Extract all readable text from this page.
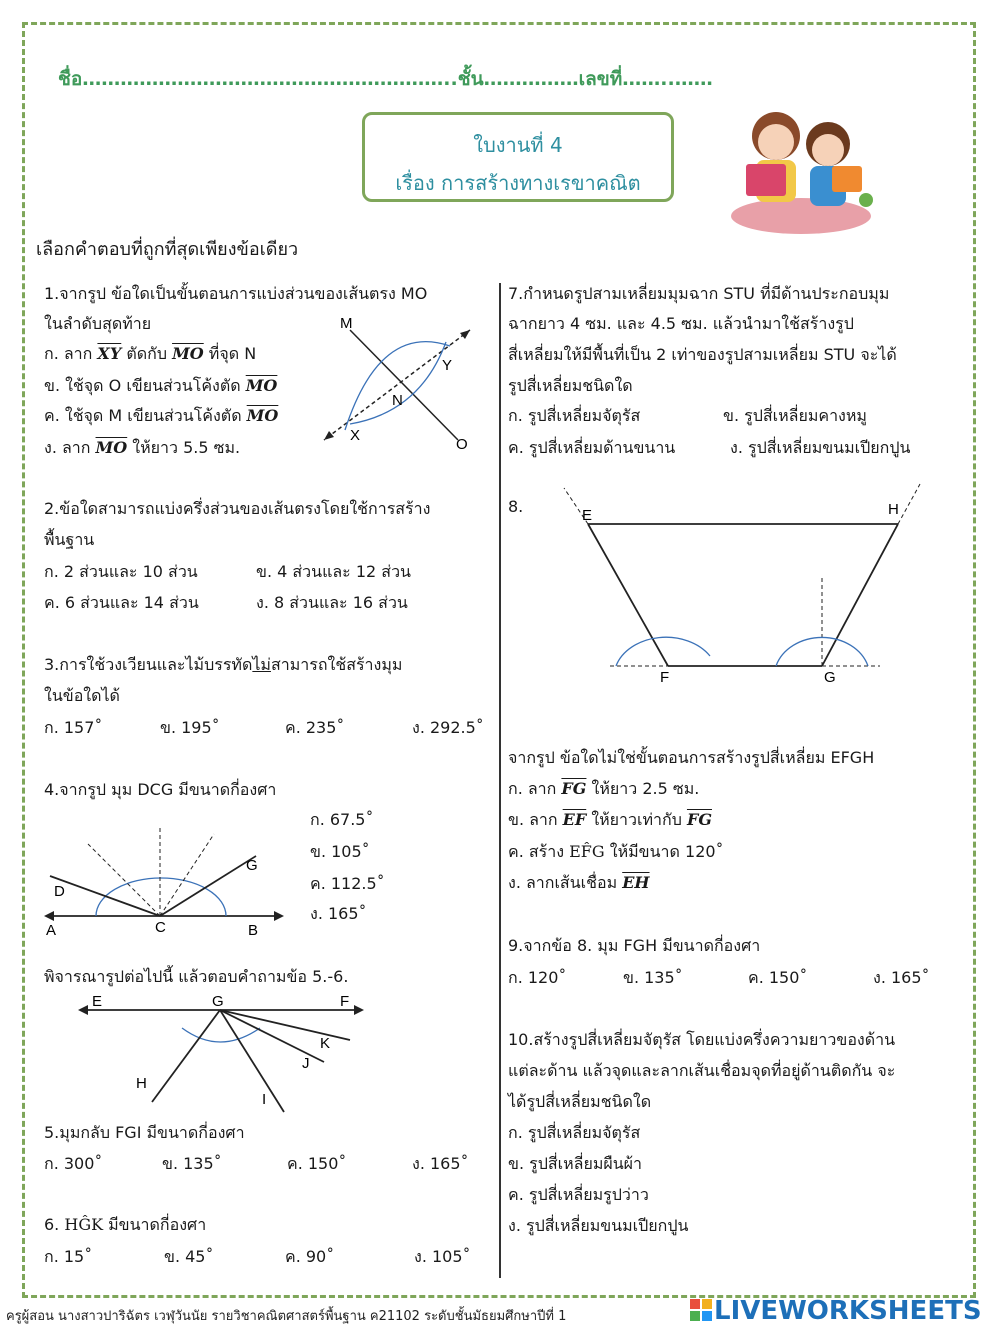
ชื่อ…………………………………………………..ชั้น……………เลขที่……..……
ใบงานที่ 4
เรื่อง การสร้างทางเรขาคณิต
เลือกคำตอบที่ถูกที่สุดเพียงข้อเดียว
1.จากรูป ข้อใดเป็นขั้นตอนการแบ่งส่วนของเส้นตรง MO
ในลำดับสุดท้าย
ก. ลาก $\overline{XY}$ ตัดกับ $\overline{MO}$ ที่จุด N
ข. ใช้จุด O เขียนส่วนโค้งตัด $\overline{MO}$
ค. ใช้จุด M เขียนส่วนโค้งตัด $\overline{MO}$
ง. ลาก $\overline{MO}$ ให้ยาว 5.5 ซม.
M
O
X
Y
N
2.ข้อใดสามารถแบ่งครึ่งส่วนของเส้นตรงโดยใช้การสร้าง
พื้นฐาน
ก. 2 ส่วนและ 10 ส่วน	ข. 4 ส่วนและ 12 ส่วน
ค. 6 ส่วนและ 14 ส่วน	ง. 8 ส่วนและ 16 ส่วน
3.การใช้วงเวียนและไม้บรรทัดไม่สามารถใช้สร้างมุม
ในข้อใดได้
ก. 157˚	ข. 195˚	ค. 235˚	ง. 292.5˚
4.จากรูป มุม DCG มีขนาดกี่องศา
ก. 67.5˚
ข. 105˚
ค. 112.5˚
ง. 165˚
A	B
C
D
G
พิจารณารูปต่อไปนี้ แล้วตอบคำถามข้อ 5.-6.
E	F
G
H
I
J
K
5.มุมกลับ FGI มีขนาดกี่องศา
ก. 300˚	ข. 135˚	ค. 150˚	ง. 165˚
6. HĜK มีขนาดกี่องศา
ก. 15˚	ข. 45˚	ค. 90˚	ง. 105˚
7.กำหนดรูปสามเหลี่ยมมุมฉาก STU ที่มีด้านประกอบมุม
ฉากยาว 4 ซม. และ 4.5 ซม. แล้วนำมาใช้สร้างรูป
สี่เหลี่ยมให้มีพื้นที่เป็น 2 เท่าของรูปสามเหลี่ยม STU จะได้
รูปสี่เหลี่ยมชนิดใด
ก. รูปสี่เหลี่ยมจัตุรัส	ข. รูปสี่เหลี่ยมคางหมู
ค. รูปสี่เหลี่ยมด้านขนาน	ง. รูปสี่เหลี่ยมขนมเปียกปูน
8.	E	H
F	G
จากรูป ข้อใดไม่ใช่ขั้นตอนการสร้างรูปสี่เหลี่ยม EFGH
ก. ลาก $\overline{FG}$ ให้ยาว 2.5 ซม.
ข. ลาก $\overline{EF}$ ให้ยาวเท่ากับ $\overline{FG}$
ค. สร้าง EF̂G ให้มีขนาด 120˚
ง. ลากเส้นเชื่อม $\overline{EH}$
9.จากข้อ 8. มุม FGH มีขนาดกี่องศา
ก. 120˚	ข. 135˚	ค. 150˚	ง. 165˚
10.สร้างรูปสี่เหลี่ยมจัตุรัส โดยแบ่งครึ่งความยาวของด้าน
แต่ละด้าน แล้วจุดและลากเส้นเชื่อมจุดที่อยู่ด้านติดกัน จะ
ได้รูปสี่เหลี่ยมชนิดใด
ก. รูปสี่เหลี่ยมจัตุรัส
ข. รูปสี่เหลี่ยมผืนผ้า
ค. รูปสี่เหลี่ยมรูปว่าว
ง. รูปสี่เหลี่ยมขนมเปียกปูน
ครูผู้สอน นางสาวปาริฉัตร เวฬุวันนัย รายวิชาคณิตศาสตร์พื้นฐาน ค21102 ระดับชั้นมัธยมศึกษาปีที่ 1	LIVEWORKSHEETS
